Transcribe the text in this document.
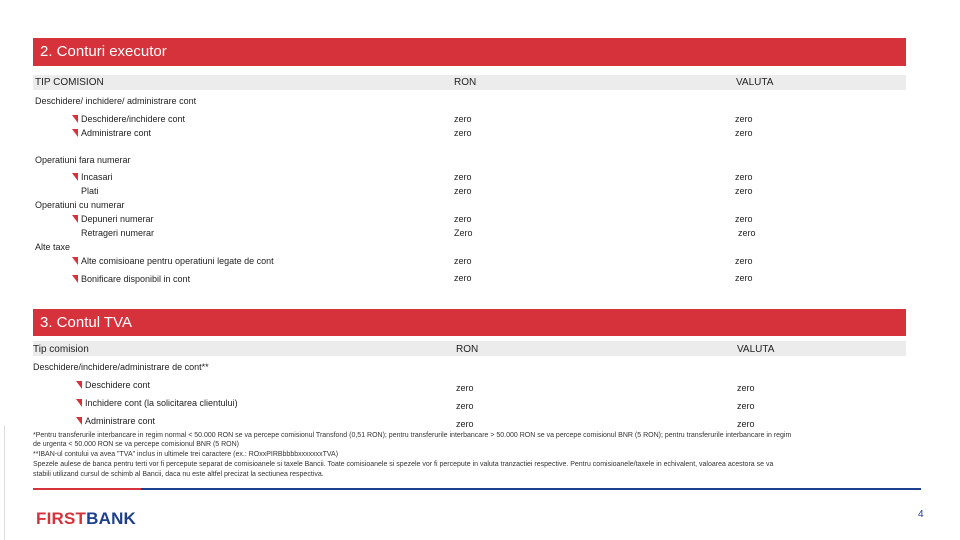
2. Conturi executor
TIP COMISION	RON	VALUTA
Deschidere/ inchidere/ administrare cont
Deschidere/inchidere cont	zero	zero
Administrare cont	zero	zero
Operatiuni fara numerar
Incasari	zero	zero
Plati	zero	zero
Operatiuni cu numerar
Depuneri numerar	zero	zero
Retrageri numerar	Zero	zero
Alte taxe
Alte comisioane pentru operatiuni legate de cont	zero	zero
Bonificare disponibil in cont	zero	zero
3. Contul TVA
Tip comision	RON	VALUTA
Deschidere/inchidere/administrare de cont**
Deschidere cont	zero	zero
Inchidere cont (la solicitarea clientului)	zero	zero
Administrare cont	zero	zero
*Pentru transferurile interbancare in regim normal < 50.000 RON se va percepe comisionul Transfond (0,51 RON); pentru transferurile interbancare > 50.000 RON se va percepe comisionul BNR (5 RON); pentru transferurile interbancare in regim
de urgenta < 50.000 RON se va percepe comisionul BNR (5 RON)
**IBAN-ul contului va avea "TVA" inclus in ultimele trei caractere (ex.: ROxxPIRBbbbbxxxxxxxTVA)
Spezele aulese de banca pentru terti vor fi percepute separat de comisioanele si taxele Bancii. Toate comisioanele si spezele vor fi percepute in valuta tranzactiei respective. Pentru comisioanele/taxele in echivalent, valoarea acestora se va
stabili utilizand cursul de schimb al Bancii, daca nu este altfel precizat la sectiunea respectiva.
FIRSTBANK	4
